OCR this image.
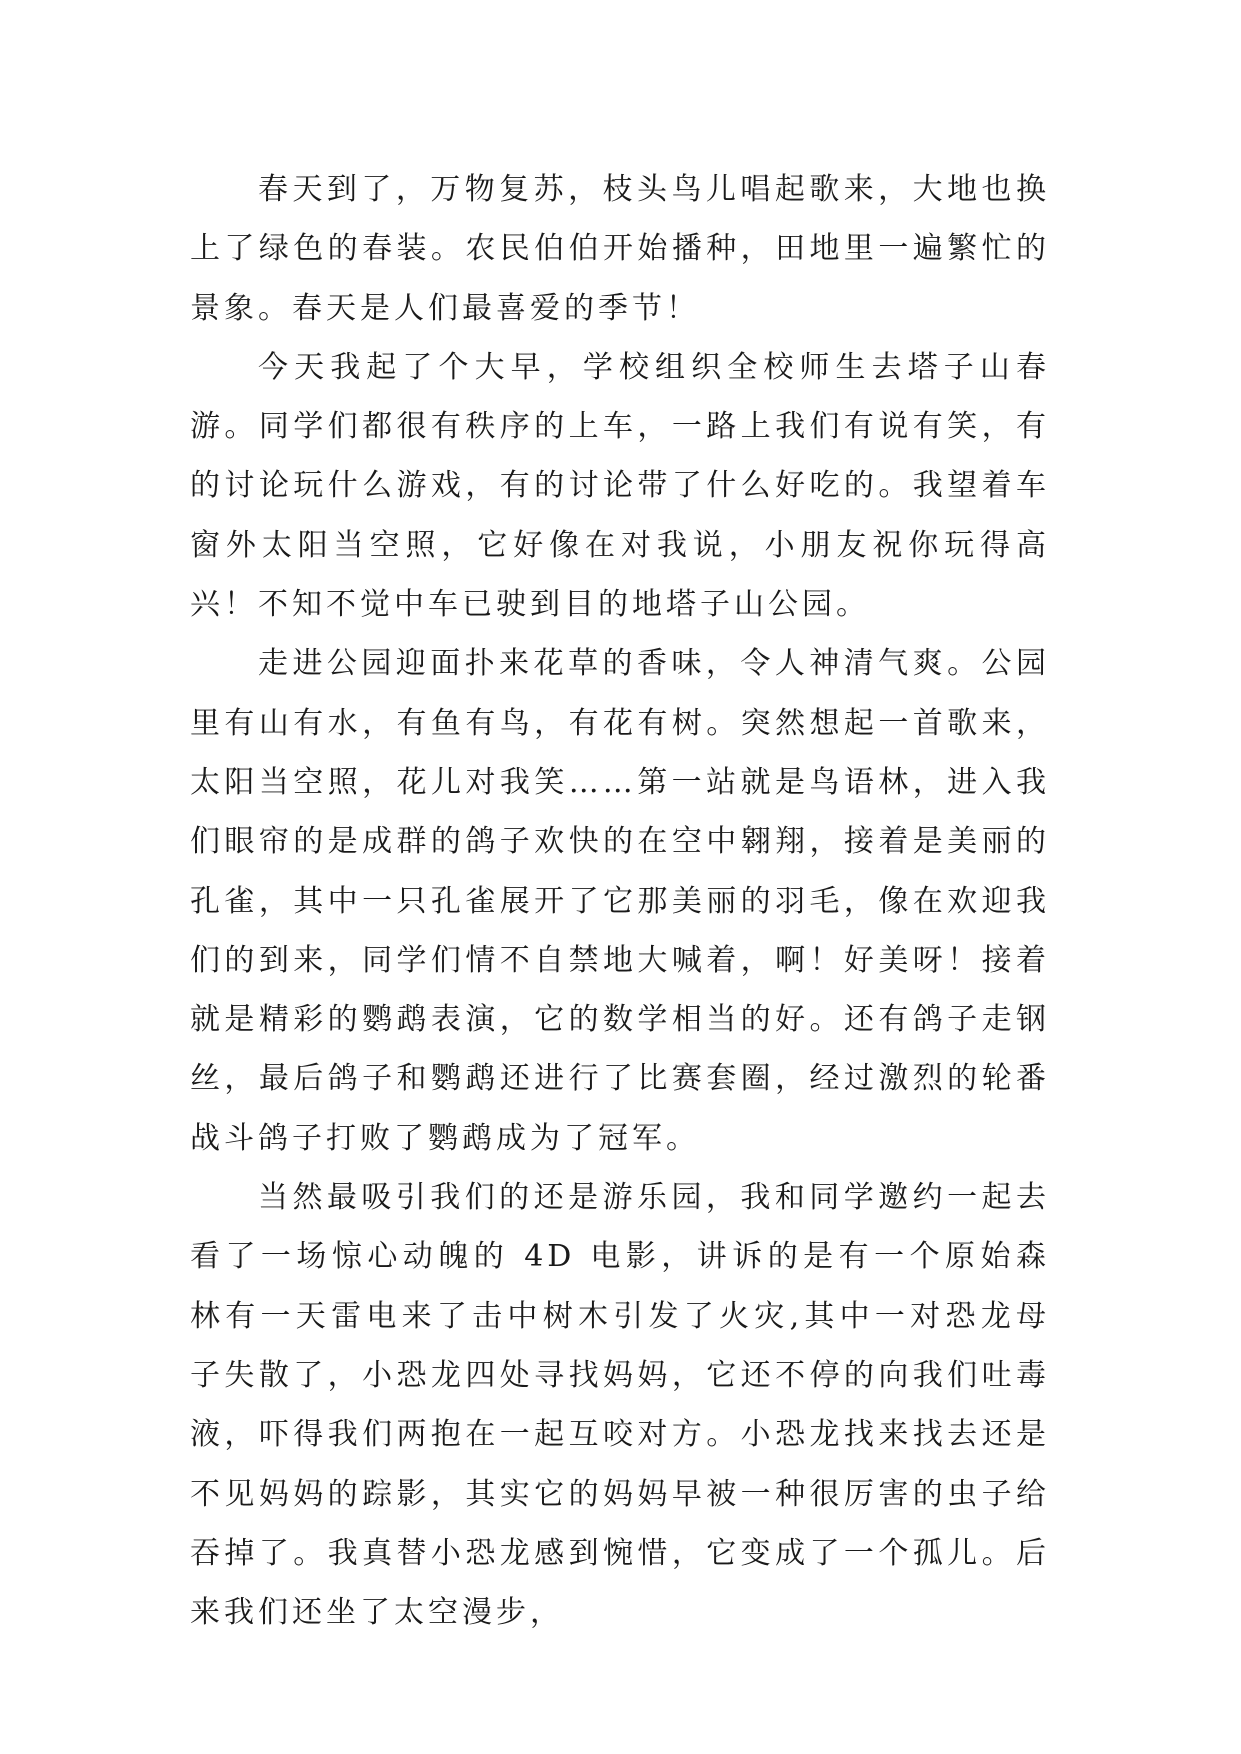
春天到了，万物复苏，枝头鸟儿唱起歌来，大地也换上了绿色的春装。农民伯伯开始播种，田地里一遍繁忙的景象。春天是人们最喜爱的季节！

今天我起了个大早，学校组织全校师生去塔子山春游。同学们都很有秩序的上车，一路上我们有说有笑，有的讨论玩什么游戏，有的讨论带了什么好吃的。我望着车窗外太阳当空照，它好像在对我说，小朋友祝你玩得高兴！不知不觉中车已驶到目的地塔子山公园。

走进公园迎面扑来花草的香味，令人神清气爽。公园里有山有水，有鱼有鸟，有花有树。突然想起一首歌来，太阳当空照，花儿对我笑……第一站就是鸟语林，进入我们眼帘的是成群的鸽子欢快的在空中翱翔，接着是美丽的孔雀，其中一只孔雀展开了它那美丽的羽毛，像在欢迎我们的到来，同学们情不自禁地大喊着，啊！好美呀！接着就是精彩的鹦鹉表演，它的数学相当的好。还有鸽子走钢丝，最后鸽子和鹦鹉还进行了比赛套圈，经过激烈的轮番战斗鸽子打败了鹦鹉成为了冠军。

当然最吸引我们的还是游乐园，我和同学邀约一起去看了一场惊心动魄的 4D 电影，讲诉的是有一个原始森林有一天雷电来了击中树木引发了火灾,其中一对恐龙母子失散了，小恐龙四处寻找妈妈，它还不停的向我们吐毒液，吓得我们两抱在一起互咬对方。小恐龙找来找去还是不见妈妈的踪影，其实它的妈妈早被一种很厉害的虫子给吞掉了。我真替小恐龙感到惋惜，它变成了一个孤儿。后来我们还坐了太空漫步，
